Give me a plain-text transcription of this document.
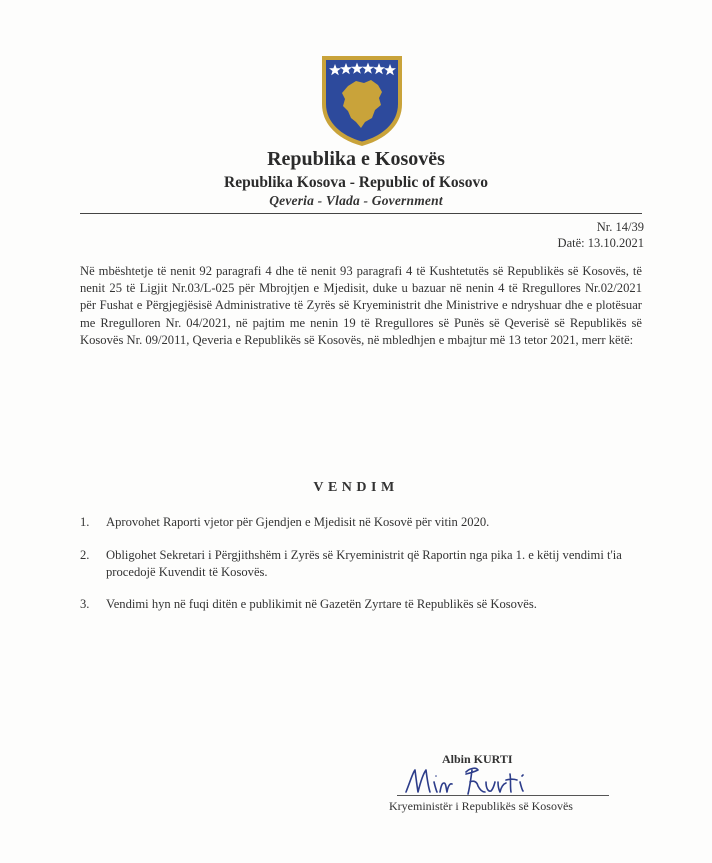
Republika e Kosovës
Republika Kosova - Republic of Kosovo
Qeveria - Vlada - Government
Nr. 14/39
Datë: 13.10.2021
Në mbështetje të nenit 92 paragrafi 4 dhe të nenit 93 paragrafi 4 të Kushtetutës së Republikës së Kosovës, të nenit 25 të Ligjit Nr.03/L-025 për Mbrojtjen e Mjedisit, duke u bazuar në nenin 4 të Rregullores Nr.02/2021 për Fushat e Përgjegjësisë Administrative të Zyrës së Kryeministrit dhe Ministrive e ndryshuar dhe e plotësuar me Rregulloren Nr. 04/2021, në pajtim me nenin 19 të Rregullores së Punës së Qeverisë së Republikës së Kosovës Nr. 09/2011, Qeveria e Republikës së Kosovës, në mbledhjen e mbajtur më 13 tetor 2021, merr këtë:
VENDIM
1.	Aprovohet Raporti vjetor për Gjendjen e Mjedisit në Kosovë për vitin 2020.
2.	Obligohet Sekretari i Përgjithshëm i Zyrës së Kryeministrit që Raportin nga pika 1. e këtij vendimi t'ia procedojë Kuvendit të Kosovës.
3.	Vendimi hyn në fuqi ditën e publikimit në Gazetën Zyrtare të Republikës së Kosovës.
Albin KURTI
Kryeministër i Republikës së Kosovës
